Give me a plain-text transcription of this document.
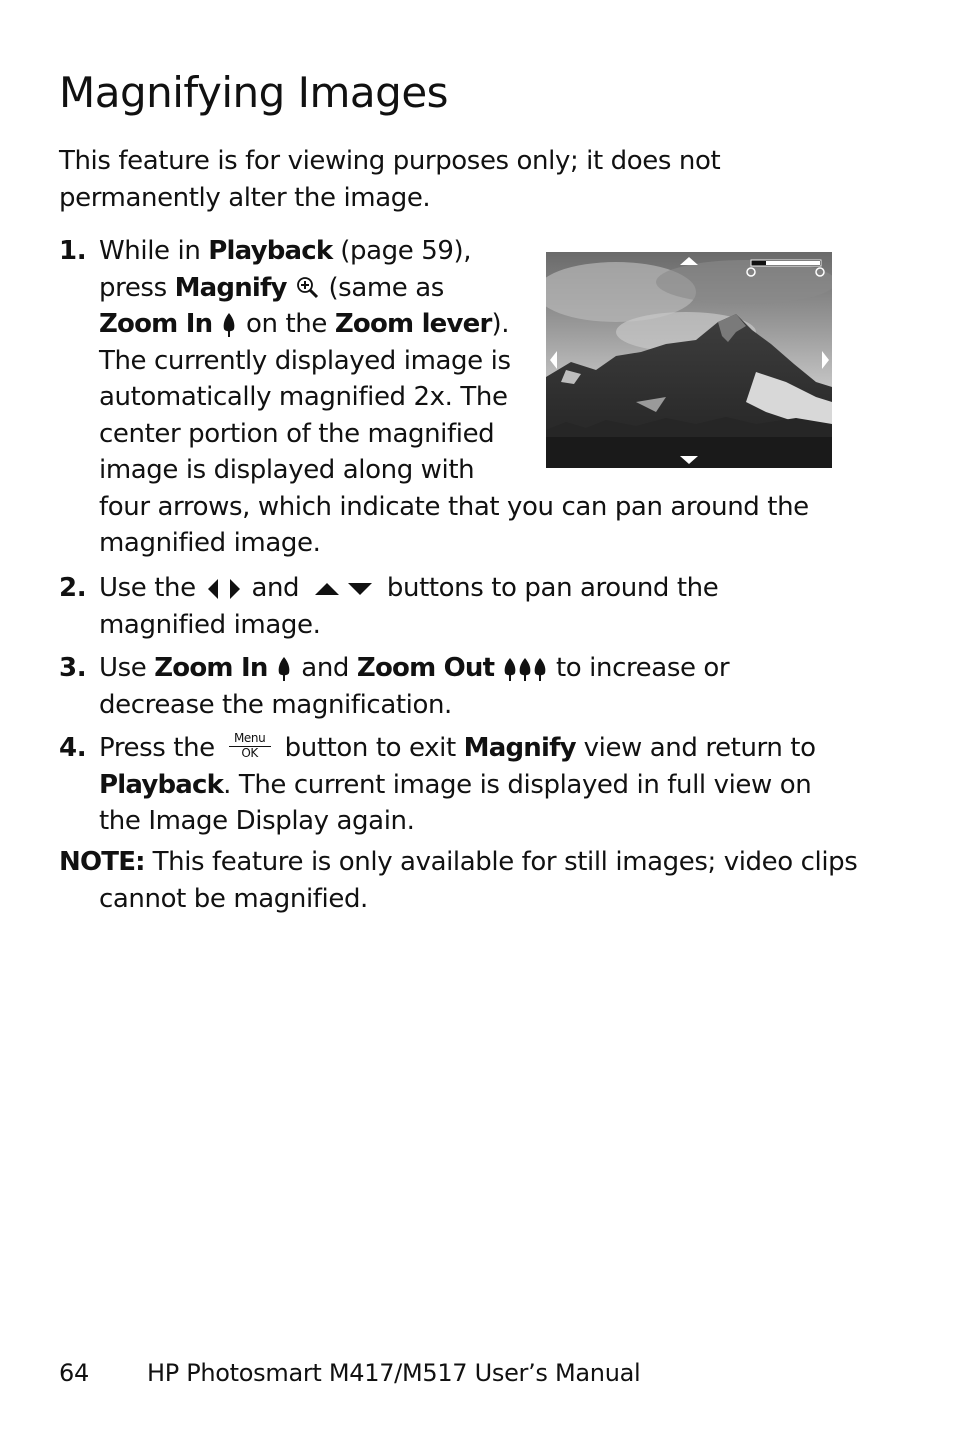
Magnifying Images

This feature is for viewing purposes only; it does not permanently alter the image.

1. While in Playback (page 59),
press Magnify  (same as
Zoom In  on the Zoom lever).
The currently displayed image is
automatically magnified 2x. The
center portion of the magnified
image is displayed along with
four arrows, which indicate that you can pan around the magnified image.
2. Use the  and	buttons to pan around the magnified image.
3. Use Zoom In  and Zoom Out  to increase or decrease the magnification.
4. Press the Menu
OK	button to exit Magnify view and return to Playback. The current image is displayed in full view on the Image Display again.

NOTE: This feature is only available for still images; video clips cannot be magnified.

64 HP Photosmart M417/M517 User’s Manual
